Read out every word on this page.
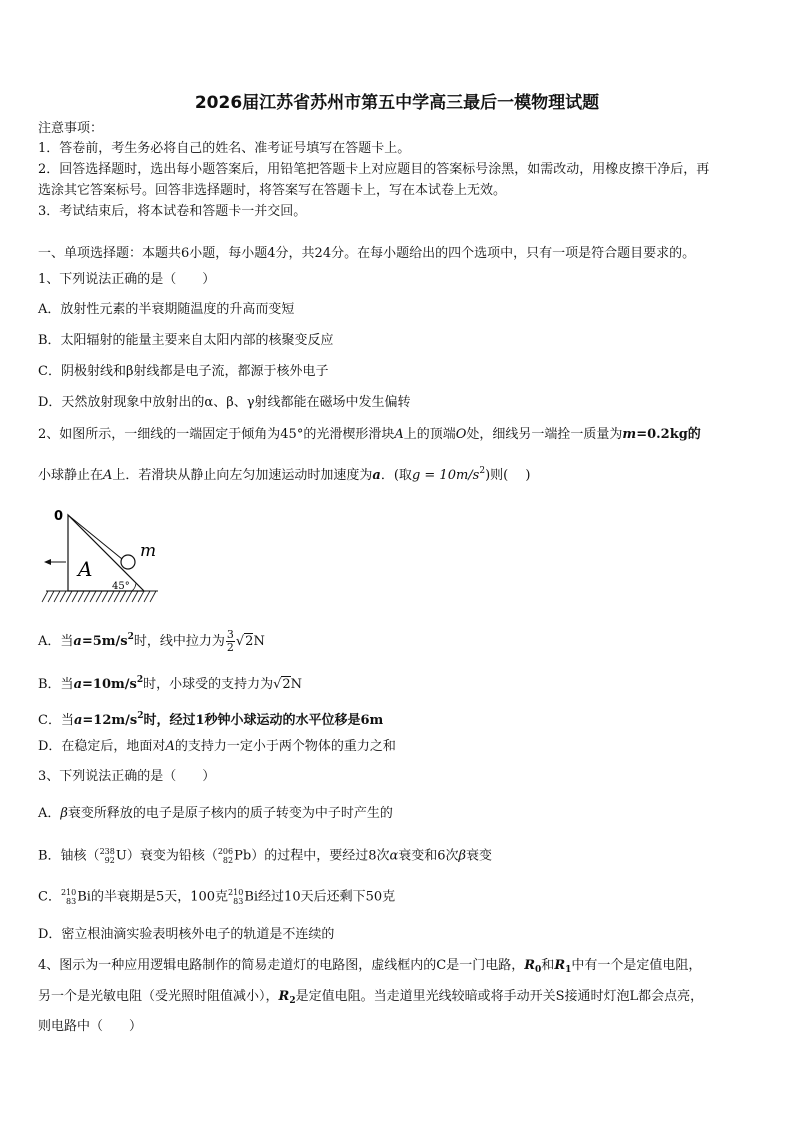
2026届江苏省苏州市第五中学高三最后一模物理试题
注意事项：
1．答卷前，考生务必将自己的姓名、准考证号填写在答题卡上。
2．回答选择题时，选出每小题答案后，用铅笔把答题卡上对应题目的答案标号涂黑，如需改动，用橡皮擦干净后，再
选涂其它答案标号。回答非选择题时，将答案写在答题卡上，写在本试卷上无效。
3．考试结束后，将本试卷和答题卡一并交回。
一、单项选择题：本题共6小题，每小题4分，共24分。在每小题给出的四个选项中，只有一项是符合题目要求的。
1、下列说法正确的是（　　）
A．放射性元素的半衰期随温度的升高而变短
B．太阳辐射的能量主要来自太阳内部的核聚变反应
C．阴极射线和β射线都是电子流，都源于核外电子
D．天然放射现象中放射出的α、β、γ射线都能在磁场中发生偏转
2、如图所示，一细线的一端固定于倾角为45°的光滑楔形滑块A上的顶端O处，细线另一端拴一质量为m=0.2kg的
小球静止在A上．若滑块从静止向左匀加速运动时加速度为a．(取$g = 10m/s^2$)则(　 )
0
A
m
45°
A．当$a=5m/s^2$时，线中拉力为 $\frac{3}{2} √2N$
B．当$a=10m/s^2$时，小球受的支持力为√2N
C．当$a=12m/s^2$时，经过1秒钟小球运动的水平位移是6m
D．在稳定后，地面对A的支持力一定小于两个物体的重力之和
3、下列说法正确的是（　　）
A．β衰变所释放的电子是原子核内的质子转变为中子时产生的
B．铀核（ 238
92 U）衰变为铅核（ 206
82 Pb）的过程中，要经过8次α衰变和6次β衰变
C． 210
83 Bi的半衰期是5天，100克 210
83 Bi经过10天后还剩下50克
D．密立根油滴实验表明核外电子的轨道是不连续的
4、图示为一种应用逻辑电路制作的简易走道灯的电路图，虚线框内的C是一门电路，$R_0$和$R_1$中有一个是定值电阻，
另一个是光敏电阻（受光照时阻值减小），$R_2$是定值电阻。当走道里光线较暗或将手动开关S接通时灯泡L都会点亮，
则电路中（　　）
